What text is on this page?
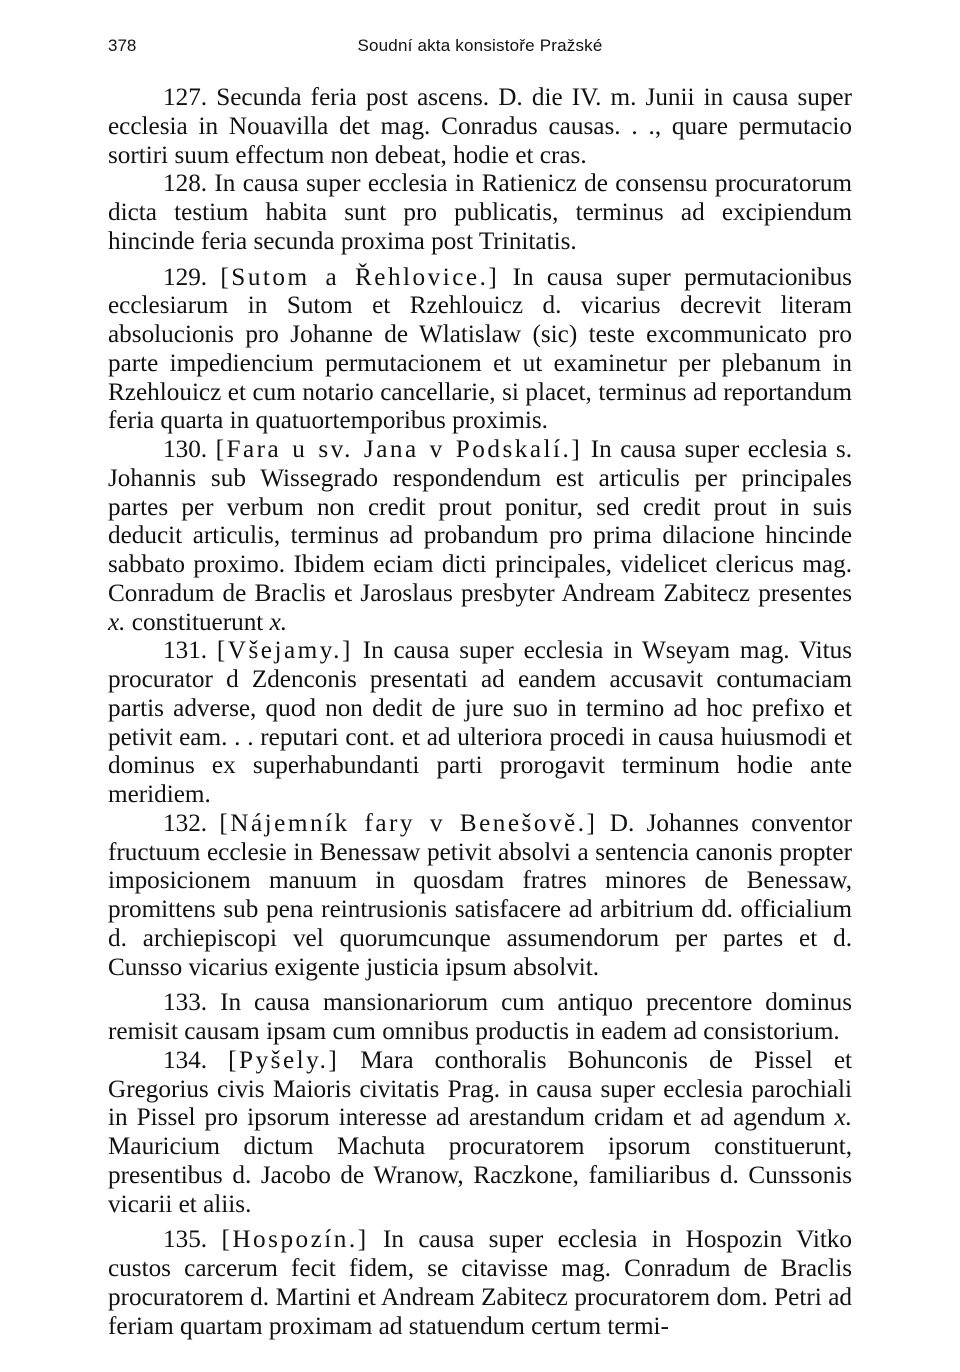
378	Soudní akta konsistoře Pražské

127. Secunda feria post ascens. D. die IV. m. Junii in causa super ecclesia in Nouavilla det mag. Conradus causas. . ., quare permutacio sortiri suum effectum non debeat, hodie et cras.

128. In causa super ecclesia in Ratienicz de consensu procuratorum dicta testium habita sunt pro publicatis, terminus ad excipiendum hincinde feria secunda proxima post Trinitatis.

129. [Sutom a Řehlovice.] In causa super permutacionibus ecclesiarum in Sutom et Rzehlouicz d. vicarius decrevit literam absolucionis pro Johanne de Wlatislaw (sic) teste excommunicato pro parte impediencium permutacionem et ut examinetur per plebanum in Rzehlouicz et cum notario cancellarie, si placet, terminus ad reportandum feria quarta in quatuortemporibus proximis.

130. [Fara u sv. Jana v Podskalí.] In causa super ecclesia s. Johannis sub Wissegrado respondendum est articulis per principales partes per verbum non credit prout ponitur, sed credit prout in suis deducit articulis, terminus ad probandum pro prima dilacione hincinde sabbato proximo. Ibidem eciam dicti principales, videlicet clericus mag. Conradum de Braclis et Jaroslaus presbyter Andream Zabitecz presentes x. constituerunt x.

131. [Všejamy.] In causa super ecclesia in Wseyam mag. Vitus procurator d Zdenconis presentati ad eandem accusavit contumaciam partis adverse, quod non dedit de jure suo in termino ad hoc prefixo et petivit eam. . . reputari cont. et ad ulteriora procedi in causa huiusmodi et dominus ex superhabundanti parti prorogavit terminum hodie ante meridiem.

132. [Nájemník fary v Benešově.] D. Johannes conventor fructuum ecclesie in Benessaw petivit absolvi a sentencia canonis propter imposicionem manuum in quosdam fratres minores de Benessaw, promittens sub pena reintrusionis satisfacere ad arbitrium dd. officialium d. archiepiscopi vel quorumcunque assumendorum per partes et d. Cunsso vicarius exigente justicia ipsum absolvit.

133. In causa mansionariorum cum antiquo precentore dominus remisit causam ipsam cum omnibus productis in eadem ad consistorium.

134. [Pyšely.] Mara conthoralis Bohunconis de Pissel et Gregorius civis Maioris civitatis Prag. in causa super ecclesia parochiali in Pissel pro ipsorum interesse ad arestandum cridam et ad agendum x. Mauricium dictum Machuta procuratorem ipsorum constituerunt, presentibus d. Jacobo de Wranow, Raczkone, familiaribus d. Cunssonis vicarii et aliis.

135. [Hospozín.] In causa super ecclesia in Hospozin Vitko custos carcerum fecit fidem, se citavisse mag. Conradum de Braclis procuratorem d. Martini et Andream Zabitecz procuratorem dom. Petri ad feriam quartam proximam ad statuendum certum termi-
